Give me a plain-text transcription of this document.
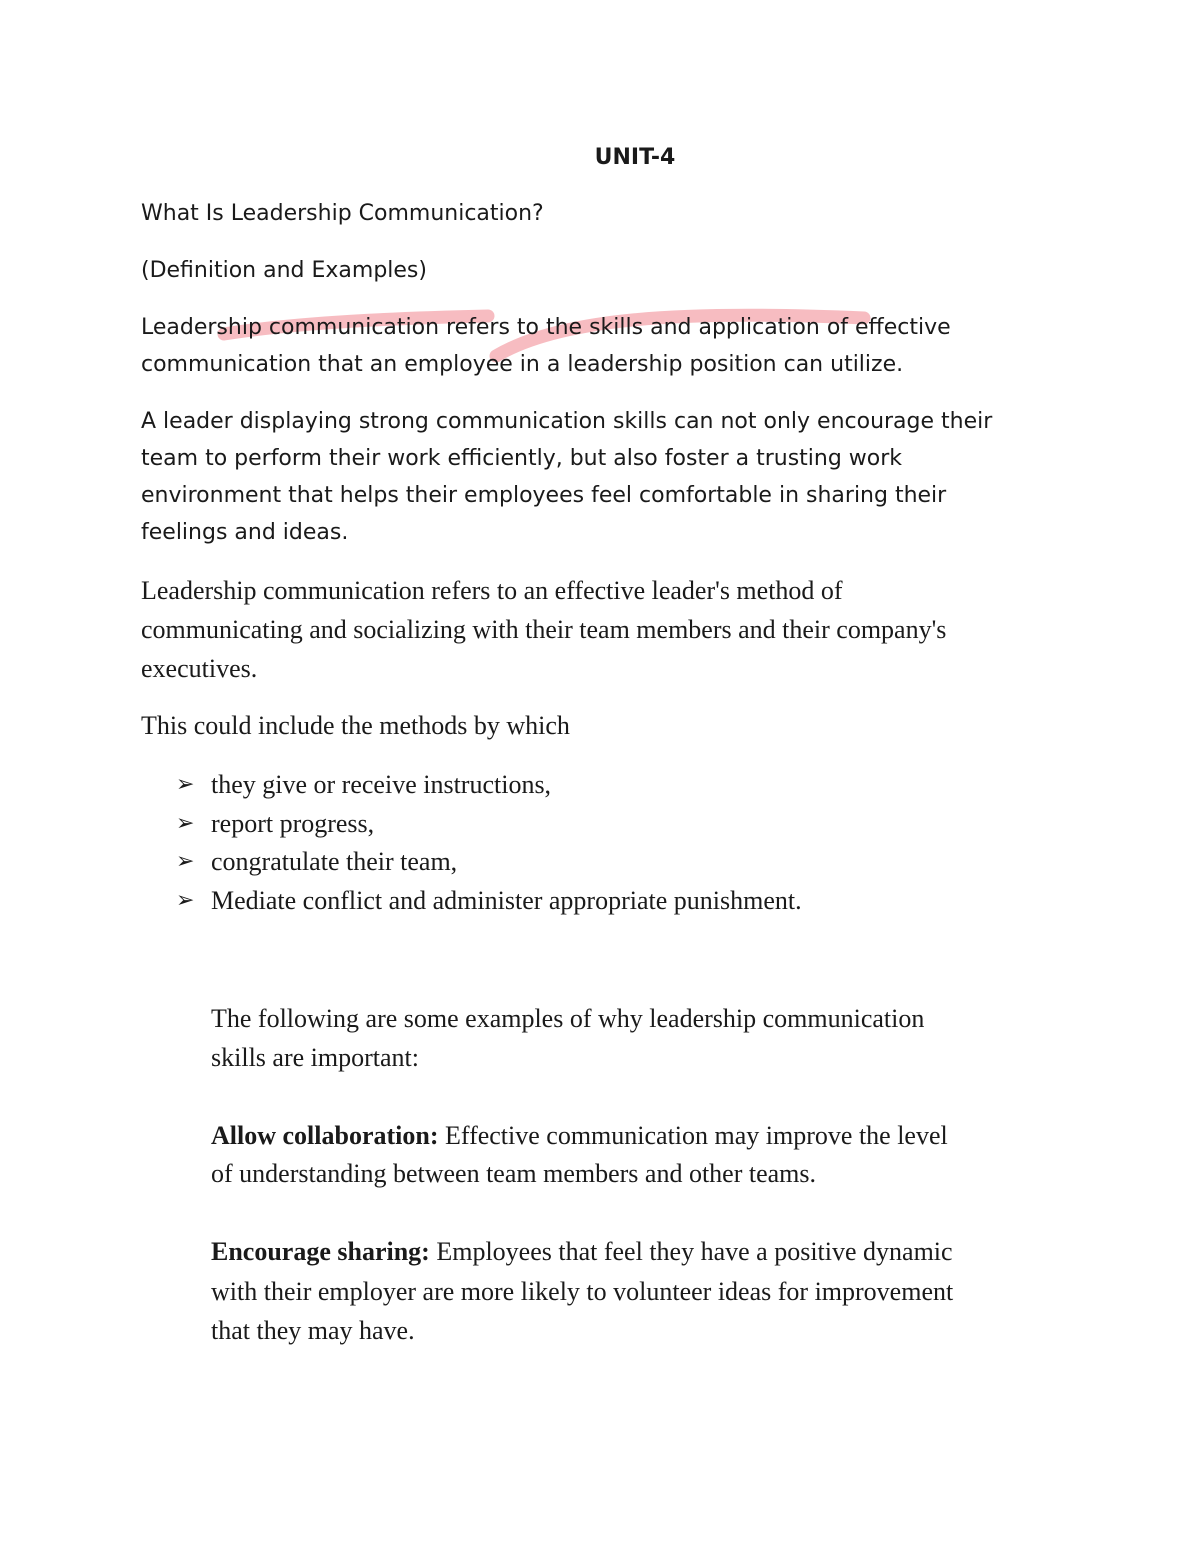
UNIT-4
What Is Leadership Communication?
(Definition and Examples)
Leadership communication refers to the skills and application of effective
communication that an employee in a leadership position can utilize.
A leader displaying strong communication skills can not only encourage their
team to perform their work efficiently, but also foster a trusting work
environment that helps their employees feel comfortable in sharing their
feelings and ideas.
Leadership communication refers to an effective leader's method of
communicating and socializing with their team members and their company's
executives.
This could include the methods by which
➢ they give or receive instructions,
➢ report progress,
➢ congratulate their team,
➢ Mediate conflict and administer appropriate punishment.
The following are some examples of why leadership communication
skills are important:
Allow collaboration: Effective communication may improve the level
of understanding between team members and other teams.
Encourage sharing: Employees that feel they have a positive dynamic
with their employer are more likely to volunteer ideas for improvement
that they may have.
